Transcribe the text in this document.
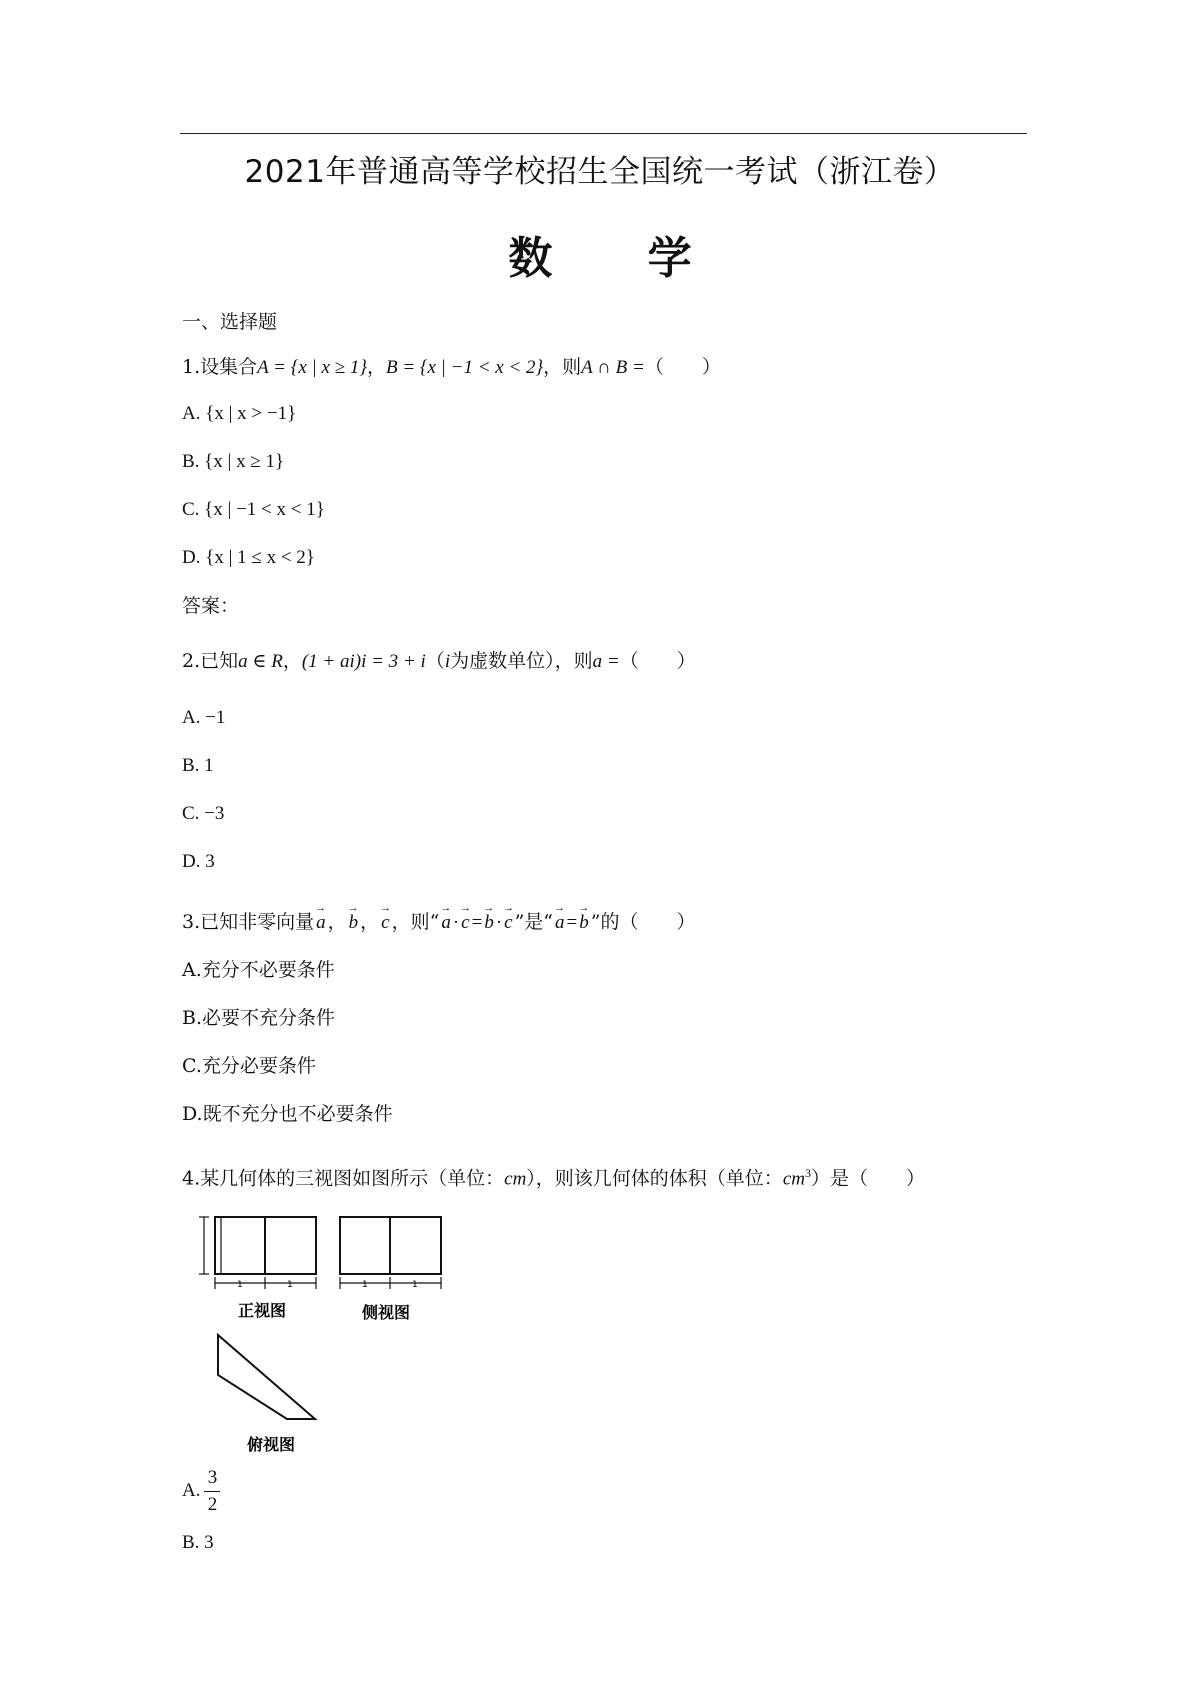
2021年普通高等学校招生全国统一考试（浙江卷）
数 学
一、选择题
1.设集合A = {x | x ≥ 1}，B = {x | −1 < x < 2}，则A ∩ B =（　　）
A. {x | x > −1}
B. {x | x ≥ 1}
C. {x | −1 < x < 1}
D. {x | 1 ≤ x < 2}
答案：
2.已知a ∈ R，(1 + ai)i = 3 + i（i为虚数单位），则a =（　　）
A. −1
B. 1
C. −3
D. 3
3.已知非零向量 → a ， → b ， → c ，则“ → a · → c = → b · → c ”是“ → a = → b ”的（　　）
A.充分不必要条件
B.必要不充分条件
C.充分必要条件
D.既不充分也不必要条件
4.某几何体的三视图如图所示（单位：cm），则该几何体的体积（单位：$cm^3$）是（　　）
1	1
正视图
1	1
侧视图
俯视图
A. $\frac{3}{2}$
B. 3
